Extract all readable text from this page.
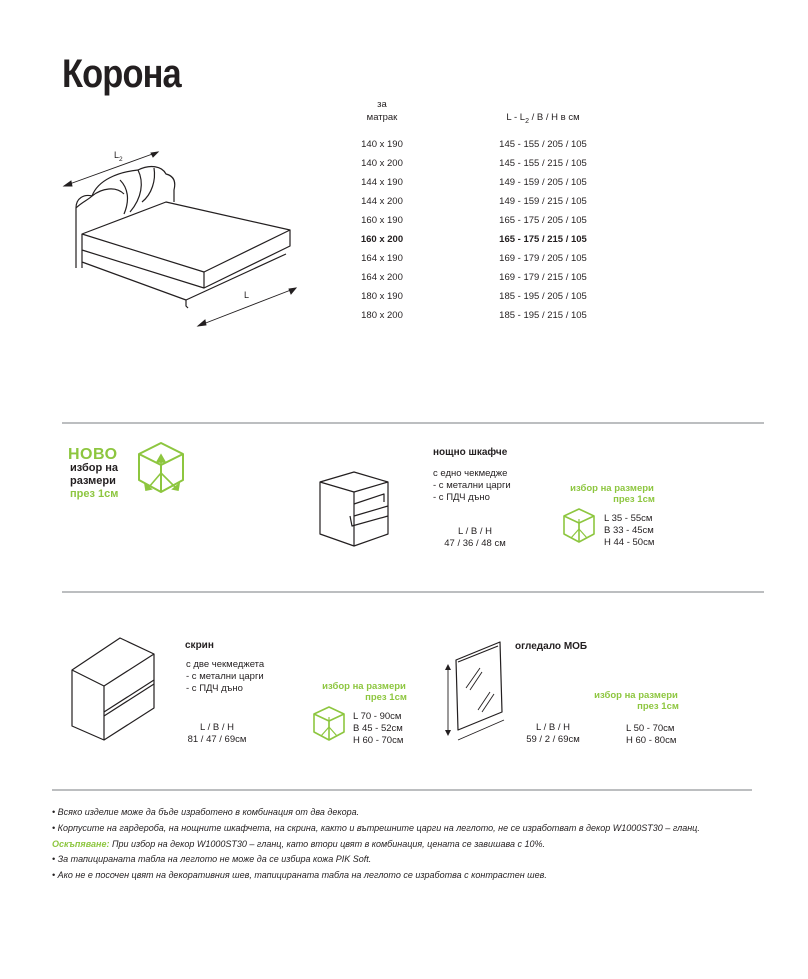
Корона
$L_2$
L
за
матрак	L - $L_2$ / B / H в см
140 x 190
140 x 200
144 x 190
144 x 200
160 x 190
160 x 200
164 x 190
164 x 200
180 x 190
180 x 200
145 - 155 / 205 / 105
145 - 155 / 215 / 105
149 - 159 / 205 / 105
149 - 159 / 215 / 105
165 - 175 / 205 / 105
165 - 175 / 215 / 105
169 - 179 / 205 / 105
169 - 179 / 215 / 105
185 - 195 / 205 / 105
185 - 195 / 215 / 105
НОВО
избор на
размери
през 1см
нощно шкафче
с едно чекмедже
- с метални царги
- с ПДЧ дъно
L / B / H
47 / 36 / 48 см
избор на размери
през 1см
L 35 - 55см
B 33 - 45см
H 44 - 50см
скрин
с две чекмеджета
- с метални царги
- с ПДЧ дъно
L / B / H
81 / 47 / 69см
избор на размери
през 1см
L 70 - 90см
B 45 - 52см
H 60 - 70см
огледало МОБ
L / B / H
59 / 2 / 69см
избор на размери
през 1см
L 50 - 70см
H 60 - 80см
• Всяко изделие може да бъде изработено в комбинация от два декора.
• Корпусите на гардероба, на нощните шкафчета, на скрина, както и вътрешните царги на леглото, не се изработват в декор W1000ST30 – гланц.
Оскъпяване: При избор на декор W1000ST30 – гланц, като втори цвят в комбинация, цената се завишава с 10%.
• За тапицираната табла на леглото не може да се избира кожа PIK Soft.
• Ако не е посочен цвят на декоративния шев, тапицираната табла на леглото се изработва с контрастен шев.
